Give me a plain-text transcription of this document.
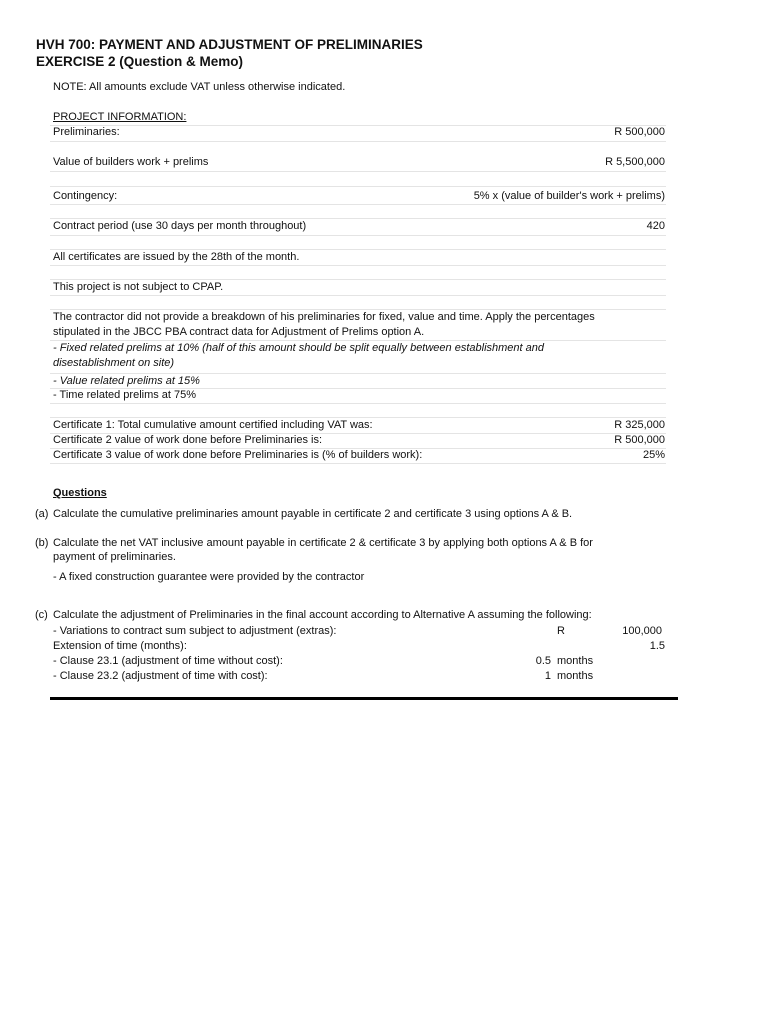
HVH 700: PAYMENT AND ADJUSTMENT OF PRELIMINARIES
EXERCISE 2 (Question & Memo)
NOTE: All amounts exclude VAT unless otherwise indicated.
PROJECT INFORMATION:
Preliminaries:	R 500,000
Value of builders work + prelims	R 5,500,000
Contingency:	5% x (value of builder's work + prelims)
Contract period (use 30 days per month throughout)	420
All certificates are issued by the 28th of the month.
This project is not subject to CPAP.
The contractor did not provide a breakdown of his preliminaries for fixed, value and time. Apply the percentages
stipulated in the JBCC PBA contract data for Adjustment of Prelims option A.
- Fixed related prelims at 10% (half of this amount should be split equally between establishment and
disestablishment on site)
- Value related prelims at 15%
- Time related prelims at 75%
Certificate 1: Total cumulative amount certified including VAT was:	R 325,000
Certificate 2 value of work done before Preliminaries is:	R 500,000
Certificate 3 value of work done before Preliminaries is (% of builders work):	25%
Questions
(a) Calculate the cumulative preliminaries amount payable in certificate 2 and certificate 3 using options A & B.
(b) Calculate the net VAT inclusive amount payable in certificate 2 & certificate 3 by applying both options A & B for
payment of preliminaries.
- A fixed construction guarantee were provided by the contractor
(c) Calculate the adjustment of Preliminaries in the final account according to Alternative A assuming the following:
- Variations to contract sum subject to adjustment (extras):	R	100,000
Extension of time (months):	1.5
- Clause 23.1 (adjustment of time without cost):	0.5 months
- Clause 23.2 (adjustment of time with cost):	1 months
